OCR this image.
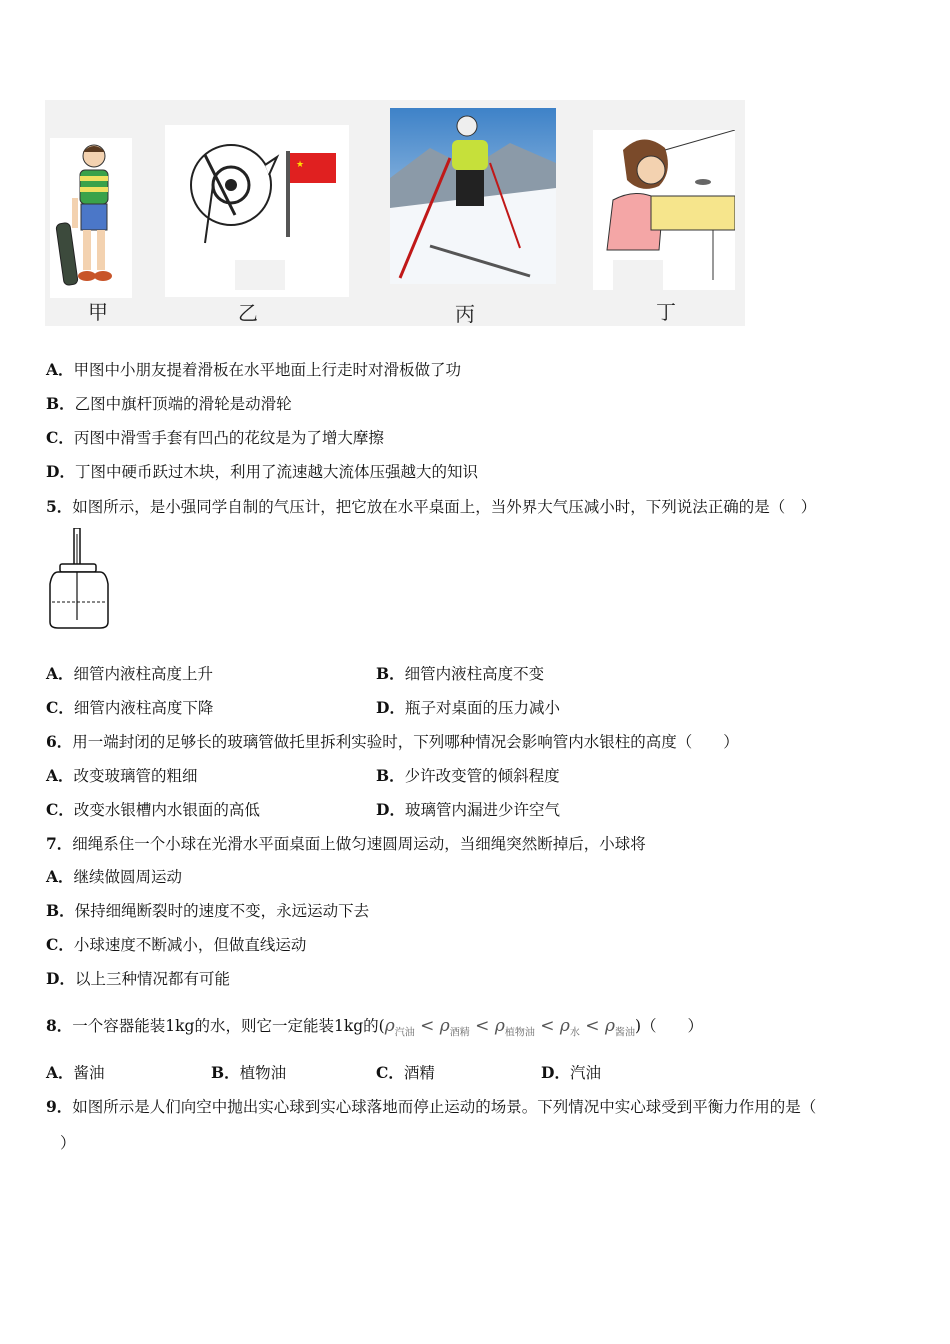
甲
★
乙	丙	丁
A．甲图中小朋友提着滑板在水平地面上行走时对滑板做了功
B．乙图中旗杆顶端的滑轮是动滑轮
C．丙图中滑雪手套有凹凸的花纹是为了增大摩擦
D．丁图中硬币跃过木块，利用了流速越大流体压强越大的知识
5．如图所示，是小强同学自制的气压计，把它放在水平桌面上，当外界大气压减小时，下列说法正确的是（　）
A．细管内液柱高度上升	B．细管内液柱高度不变
C．细管内液柱高度下降	D．瓶子对桌面的压力减小
6．用一端封闭的足够长的玻璃管做托里拆利实验时，下列哪种情况会影响管内水银柱的高度（　　）
A．改变玻璃管的粗细	B．少许改变管的倾斜程度
C．改变水银槽内水银面的高低	D．玻璃管内漏进少许空气
7．细绳系住一个小球在光滑水平面桌面上做匀速圆周运动，当细绳突然断掉后，小球将
A．继续做圆周运动
B．保持细绳断裂时的速度不变，永远运动下去
C．小球速度不断减小，但做直线运动
D．以上三种情况都有可能
8．一个容器能装1kg的水，则它一定能装1kg的$(\rho_{汽油} < \rho_{酒精} < \rho_{植物油} < \rho_水 < \rho_{酱油})$（　　）
A．酱油	B．植物油	C．酒精	D．汽油
9．如图所示是人们向空中抛出实心球到实心球落地而停止运动的场景。下列情况中实心球受到平衡力作用的是（
）
